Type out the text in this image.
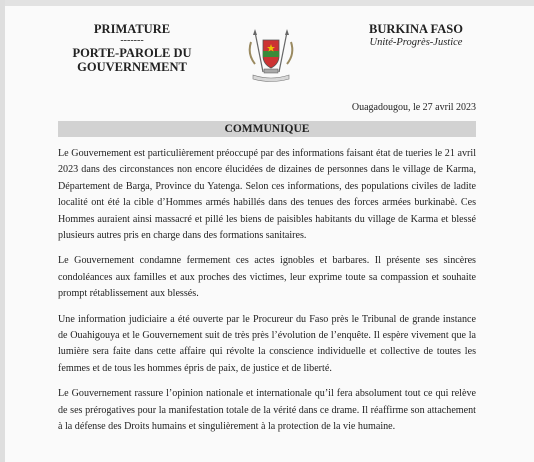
PRIMATURE
-------
PORTE-PAROLE DU
GOUVERNEMENT
BURKINA FASO
Unité-Progrès-Justice
Ouagadougou, le 27 avril 2023
COMMUNIQUE

Le Gouvernement est particulièrement préoccupé par des informations faisant état de tueries le 21 avril 2023 dans des circonstances non encore élucidées de dizaines de personnes dans le village de Karma, Département de Barga, Province du Yatenga. Selon ces informations, des populations civiles de ladite localité ont été la cible d’Hommes armés habillés dans des tenues des forces armées burkinabè. Ces Hommes auraient ainsi massacré et pillé les biens de paisibles habitants du village de Karma et blessé plusieurs autres pris en charge dans des formations sanitaires.

Le Gouvernement condamne fermement ces actes ignobles et barbares. Il présente ses sincères condoléances aux familles et aux proches des victimes, leur exprime toute sa compassion et souhaite prompt rétablissement aux blessés.

Une information judiciaire a été ouverte par le Procureur du Faso près le Tribunal de grande instance de Ouahigouya et le Gouvernement suit de très près l’évolution de l’enquête. Il espère vivement que la lumière sera faite dans cette affaire qui révolte la conscience individuelle et collective de toutes les femmes et de tous les hommes épris de paix, de justice et de liberté.

Le Gouvernement rassure l’opinion nationale et internationale qu’il fera absolument tout ce qui relève de ses prérogatives pour la manifestation totale de la vérité dans ce drame. Il réaffirme son attachement à la défense des Droits humains et singulièrement à la protection de la vie humaine.
